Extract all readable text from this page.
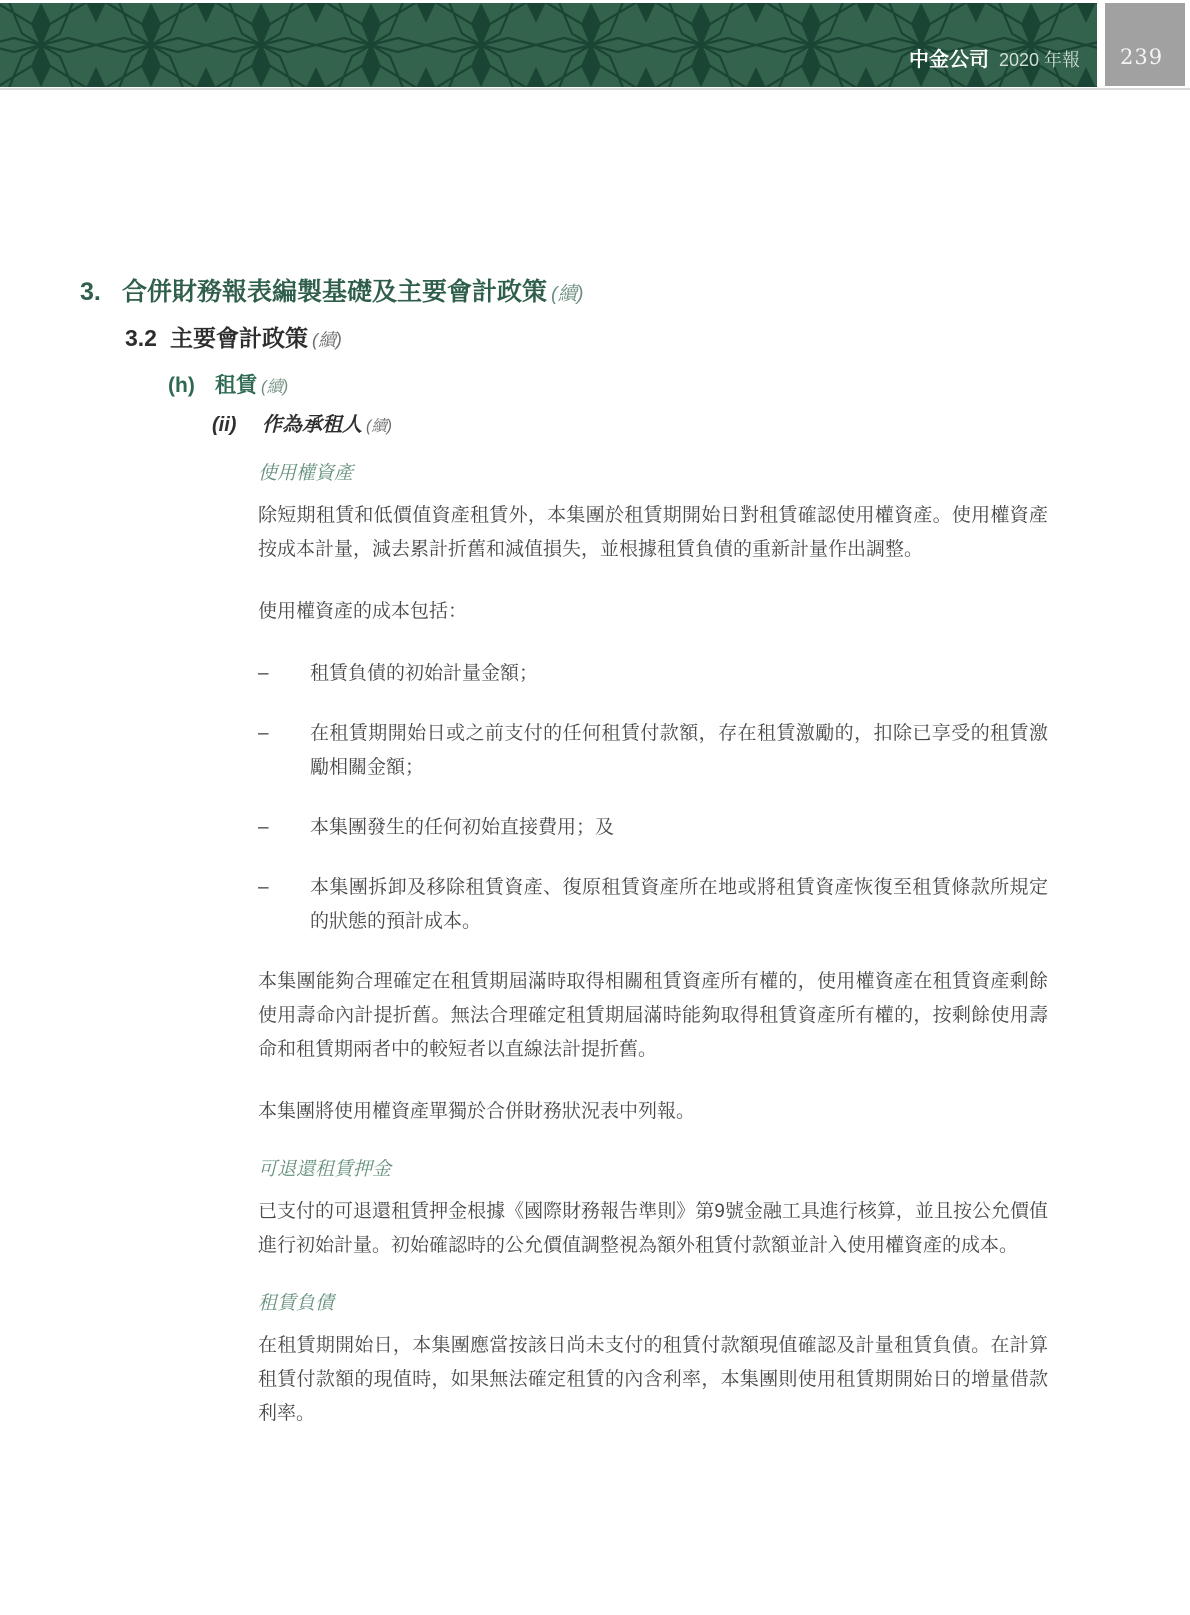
中金公司 2020 年報 239
3. 合併財務報表編製基礎及主要會計政策 (續)
3.2 主要會計政策 (續)
(h) 租賃 (續)
(ii)	作為承租人 (續)
使用權資產

除短期租賃和低價值資產租賃外，本集團於租賃期開始日對租賃確認使用權資產。使用權資產按成本計量，減去累計折舊和減值損失，並根據租賃負債的重新計量作出調整。

使用權資產的成本包括：

–	租賃負債的初始計量金額；

–	在租賃期開始日或之前支付的任何租賃付款額，存在租賃激勵的，扣除已享受的租賃激勵相關金額；

–	本集團發生的任何初始直接費用；及

–	本集團拆卸及移除租賃資產、復原租賃資產所在地或將租賃資產恢復至租賃條款所規定的狀態的預計成本。

本集團能夠合理確定在租賃期屆滿時取得相關租賃資產所有權的，使用權資產在租賃資產剩餘使用壽命內計提折舊。無法合理確定租賃期屆滿時能夠取得租賃資產所有權的，按剩餘使用壽命和租賃期兩者中的較短者以直線法計提折舊。

本集團將使用權資產單獨於合併財務狀況表中列報。

可退還租賃押金

已支付的可退還租賃押金根據《國際財務報告準則》第9號金融工具進行核算，並且按公允價值進行初始計量。初始確認時的公允價值調整視為額外租賃付款額並計入使用權資產的成本。

租賃負債

在租賃期開始日，本集團應當按該日尚未支付的租賃付款額現值確認及計量租賃負債。在計算租賃付款額的現值時，如果無法確定租賃的內含利率，本集團則使用租賃期開始日的增量借款利率。
